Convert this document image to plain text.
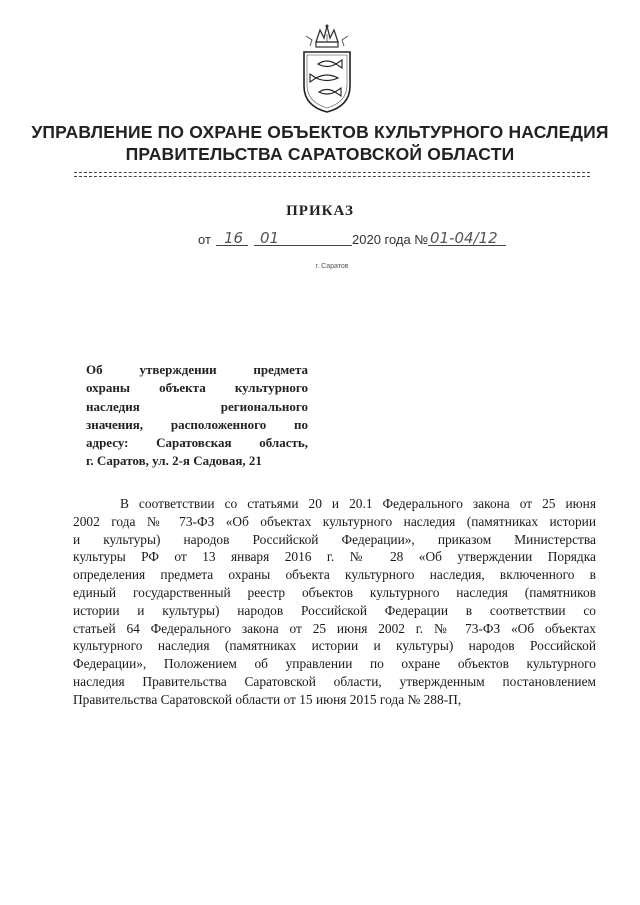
УПРАВЛЕНИЕ ПО ОХРАНЕ ОБЪЕКТОВ КУЛЬТУРНОГО НАСЛЕДИЯ
ПРАВИТЕЛЬСТВА САРАТОВСКОЙ ОБЛАСТИ
ПРИКАЗ
от 16 01	2020 года № 01-04/12
г. Саратов
Об утверждении предмета
охраны объекта культурного
наследия регионального
значения, расположенного по
адресу: Саратовская область,
г. Саратов, ул. 2-я Садовая, 21
В соответствии со статьями 20 и 20.1 Федерального закона от 25 июня
2002 года № 73-ФЗ «Об объектах культурного наследия (памятниках истории
и культуры) народов Российской Федерации», приказом Министерства
культуры РФ от 13 января 2016 г. № 28 «Об утверждении Порядка
определения предмета охраны объекта культурного наследия, включенного в
единый государственный реестр объектов культурного наследия (памятников
истории и культуры) народов Российской Федерации в соответствии со
статьей 64 Федерального закона от 25 июня 2002 г. № 73-ФЗ «Об объектах
культурного наследия (памятниках истории и культуры) народов Российской
Федерации», Положением об управлении по охране объектов культурного
наследия Правительства Саратовской области, утвержденным постановлением
Правительства Саратовской области от 15 июня 2015 года № 288-П,
